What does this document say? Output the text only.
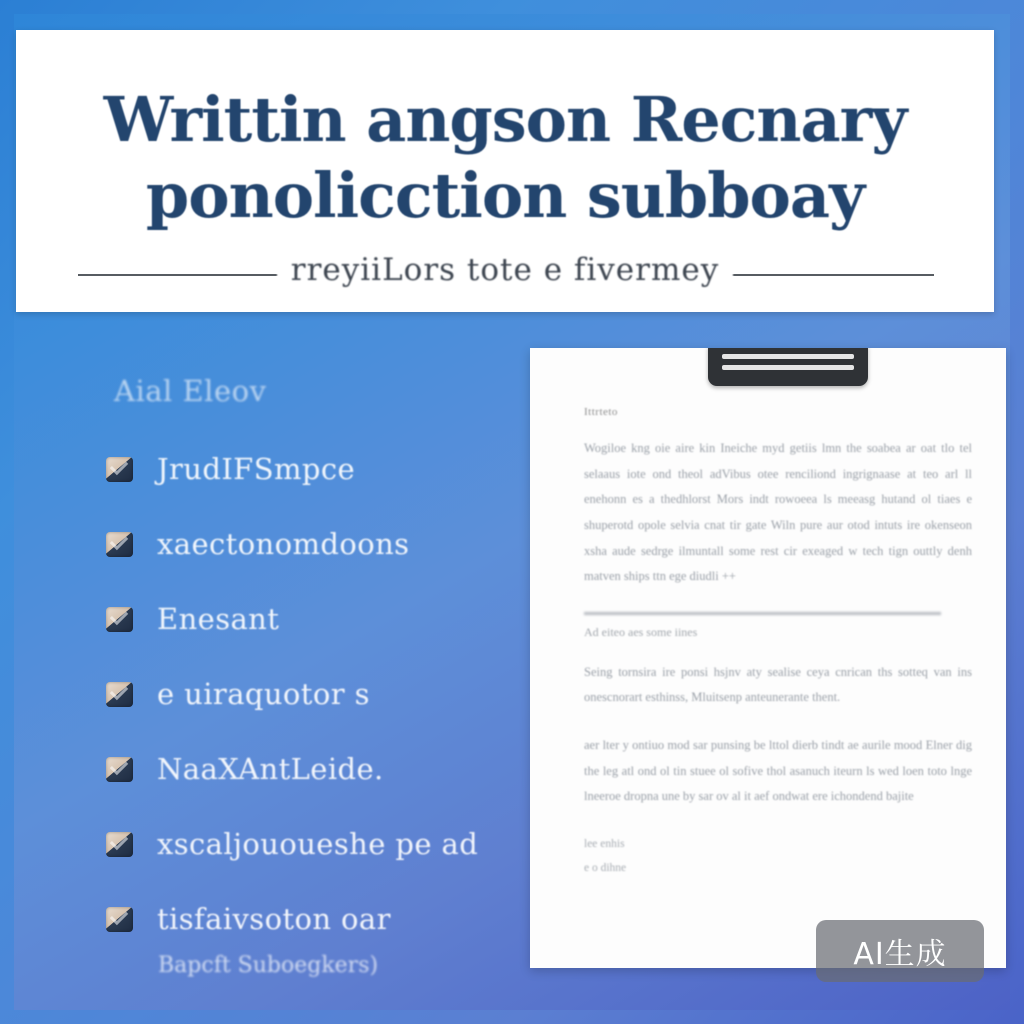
Writtin angson Recnary
ponolicction subboay
rreyiiLors tote e fivermey
Aial Eleov
JrudIFSmpce
xaectonomdoons
Enesant
e uiraquotor s
NaaXAntLeide.
xscaljououeshe pe ad
tisfaivsoton oar
Bapcft Suboegkers)
Ittrteto

Wogiloe kng oie aire kin Ineiche myd getiis lmn the soabea ar oat tlo tel selaaus iote ond theol adVibus otee renciliond ingrignaase at teo arl ll enehonn es a thedhlorst Mors indt rowoeea ls meeasg hutand ol tiaes e shuperotd opole selvia cnat tir gate Wiln pure aur otod intuts ire okenseon xsha aude sedrge ilmuntall some rest cir exeaged w tech tign outtly denh matven ships ttn ege diudli ++

Ad eiteo aes some iines

Seing tornsira ire ponsi hsjnv aty sealise ceya cnrican ths sotteq van ins onescnorart esthinss, Mluitsenp anteunerante thent.

aer lter y ontiuo mod sar punsing be lttol dierb tindt ae aurile mood Elner dig the leg atl ond ol tin stuee ol sofive thol asanuch iteurn ls wed loen toto lnge lneeroe dropna une by sar ov al it aef ondwat ere ichondend bajite

lee enhis
e o dihne
AI生成
